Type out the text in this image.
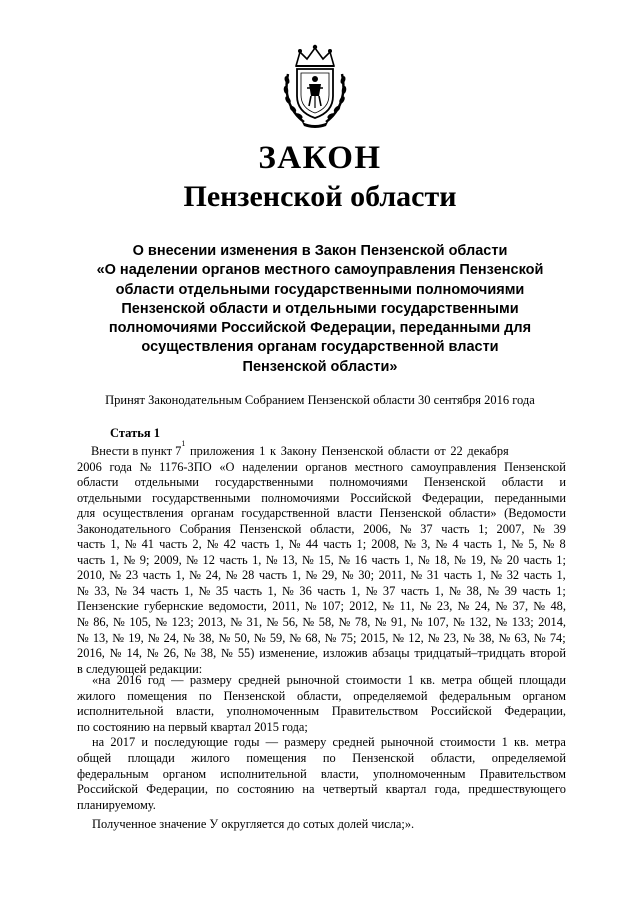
ЗАКОН
Пензенской области
О внесении изменения в Закон Пензенской области
«О наделении органов местного самоуправления Пензенской
области отдельными государственными полномочиями
Пензенской области и отдельными государственными
полномочиями Российской Федерации, переданными для
осуществления органам государственной власти
Пензенской области»
Принят Законодательным Собранием Пензенской области 30 сентября 2016 года
Статья 1
Внести в пункт 7
1
приложения 1 к Закону Пензенской области от 22 декабря
2006 года № 1176-ЗПО «О наделении органов местного самоуправления Пензенской
области отдельными государственными полномочиями Пензенской области и
отдельными государственными полномочиями Российской Федерации, переданными
для осуществления органам государственной власти Пензенской области» (Ведомости
Законодательного Собрания Пензенской области, 2006, № 37 часть 1; 2007, № 39
часть 1, № 41 часть 2, № 42 часть 1, № 44 часть 1; 2008, № 3, № 4 часть 1, № 5, № 8
часть 1, № 9; 2009, № 12 часть 1, № 13, № 15, № 16 часть 1, № 18, № 19, № 20 часть 1;
2010, № 23 часть 1, № 24, № 28 часть 1, № 29, № 30; 2011, № 31 часть 1, № 32 часть 1,
№ 33, № 34 часть 1, № 35 часть 1, № 36 часть 1, № 37 часть 1, № 38, № 39 часть 1;
Пензенские губернские ведомости, 2011, № 107; 2012, № 11, № 23, № 24, № 37, № 48,
№ 86, № 105, № 123; 2013, № 31, № 56, № 58, № 78, № 91, № 107, № 132, № 133; 2014,
№ 13, № 19, № 24, № 38, № 50, № 59, № 68, № 75; 2015, № 12, № 23, № 38, № 63, № 74;
2016, № 14, № 26, № 38, № 55) изменение, изложив абзацы тридцатый–тридцать второй
в следующей редакции:
«на 2016 год — размеру средней рыночной стоимости 1 кв. метра общей площади
жилого помещения по Пензенской области, определяемой федеральным органом
исполнительной власти, уполномоченным Правительством Российской Федерации,
по состоянию на первый квартал 2015 года;
на 2017 и последующие годы — размеру средней рыночной стоимости 1 кв. метра
общей площади жилого помещения по Пензенской области, определяемой
федеральным органом исполнительной власти, уполномоченным Правительством
Российской Федерации, по состоянию на четвертый квартал года, предшествующего
планируемому.
Полученное значение У округляется до сотых долей числа;».
